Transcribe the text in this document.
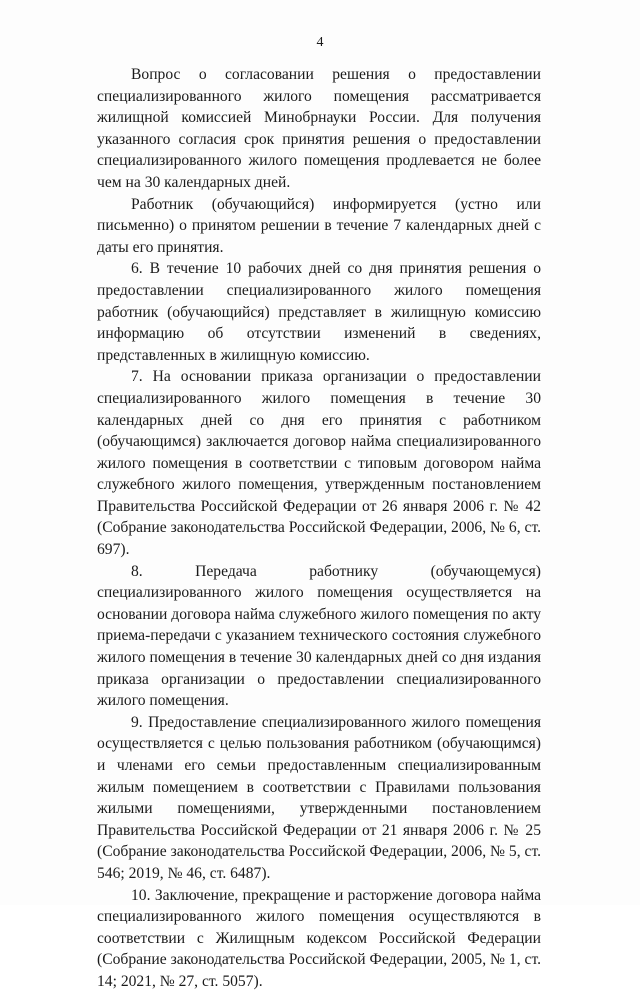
4

Вопрос о согласовании решения о предоставлении специализированного жилого помещения рассматривается жилищной комиссией Минобрнауки России. Для получения указанного согласия срок принятия решения о предоставлении специализированного жилого помещения продлевается не более чем на 30 календарных дней.

Работник (обучающийся) информируется (устно или письменно) о принятом решении в течение 7 календарных дней с даты его принятия.

6. В течение 10 рабочих дней со дня принятия решения о предоставлении специализированного жилого помещения работник (обучающийся) представляет в жилищную комиссию информацию об отсутствии изменений в сведениях, представленных в жилищную комиссию.

7. На основании приказа организации о предоставлении специализированного жилого помещения в течение 30 календарных дней со дня его принятия с работником (обучающимся) заключается договор найма специализированного жилого помещения в соответствии с типовым договором найма служебного жилого помещения, утвержденным постановлением Правительства Российской Федерации от 26 января 2006 г. № 42 (Собрание законодательства Российской Федерации, 2006, № 6, ст. 697).

8. Передача работнику (обучающемуся) специализированного жилого помещения осуществляется на основании договора найма служебного жилого помещения по акту приема-передачи с указанием технического состояния служебного жилого помещения в течение 30 календарных дней со дня издания приказа организации о предоставлении специализированного жилого помещения.

9. Предоставление специализированного жилого помещения осуществляется с целью пользования работником (обучающимся) и членами его семьи предоставленным специализированным жилым помещением в соответствии с Правилами пользования жилыми помещениями, утвержденными постановлением Правительства Российской Федерации от 21 января 2006 г. № 25 (Собрание законодательства Российской Федерации, 2006, № 5, ст. 546; 2019, № 46, ст. 6487).

10. Заключение, прекращение и расторжение договора найма специализированного жилого помещения осуществляются в соответствии с Жилищным кодексом Российской Федерации (Собрание законодательства Российской Федерации, 2005, № 1, ст. 14; 2021, № 27, ст. 5057).
